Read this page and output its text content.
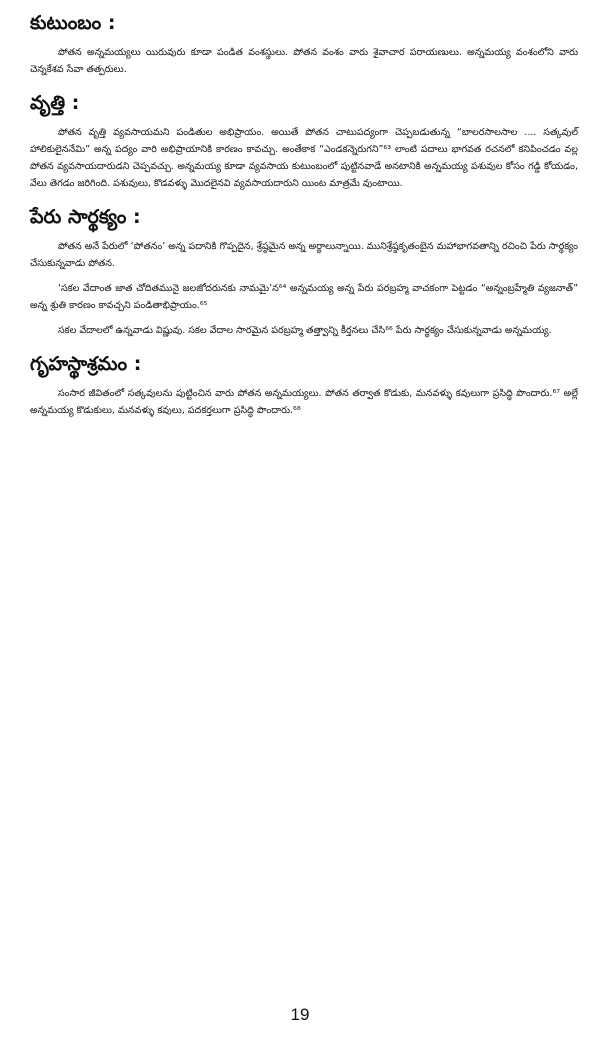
కుటుంబం :

పోతన అన్నమయ్యలు యిరువురు కూడా పండిత వంశస్థులు. పోతన వంశం వారు శైవాచార పరాయణులు. అన్నమయ్య వంశంలోని వారు చెన్నకేశవ సేవా తత్పరులు.

వృత్తి :

పోతన వృత్తి వ్యవసాయమని పండితుల అభిప్రాయం. అయితే పోతన చాటుపద్యంగా చెప్పబడుతున్న “బాలరసాలసాల .... సత్కవుల్ హాలికులైననేమి” అన్న పద్యం వారి అభిప్రాయానికి కారణం కావచ్చు. అంతేకాక “ఎండకన్నెరుగని”⁶³ లాంటి పదాలు భాగవత రచనలో కనిపించడం వల్ల పోతన వ్యవసాయదారుడని చెప్పవచ్చు. అన్నమయ్య కూడా వ్యవసాయ కుటుంబంలో పుట్టినవాడే అనటానికి అన్నమయ్య పశువుల కోసం గడ్డి కోయడం, వేలు తెగడం జరిగింది. పశువులు, కొడవళ్ళు మొదలైనవి వ్యవసాయదారుని యింట మాత్రమే వుంటాయి.

పేరు సార్థక్యం :

పోతన అనే పేరులో ‘పోతనం’ అన్న పదానికి గొప్పదైన, శ్రేష్ఠమైన అన్న అర్థాలున్నాయి. మునిశ్రేష్ఠకృతంబైన మహాభాగవతాన్ని రచించి పేరు సార్థక్యం చేసుకున్నవాడు పోతన.

‘సకల వేదాంత జాత చోదితమునై జలజోదరునకు నామమై’న⁶⁴ అన్నమయ్య అన్న పేరు పరబ్రహ్మ వాచకంగా పెట్టడం “అన్నంబ్రహ్మేతి వ్యజనాత్” అన్న శ్రుతి కారణం కావచ్చని పండితాభిప్రాయం.⁶⁵

సకల వేదాలలో ఉన్నవాడు విష్ణువు. సకల వేదాల సారమైన పరబ్రహ్మ తత్త్వాన్ని కీర్తనలు చేసి⁶⁶ పేరు సార్థక్యం చేసుకున్నవాడు అన్నమయ్య.

గృహస్థాశ్రమం :

సంసార జీవితంలో సత్కవులను పుట్టించిన వారు పోతన అన్నమయ్యలు. పోతన తర్వాత కొడుకు, మనవళ్ళు కవులుగా ప్రసిద్ధి పొందారు.⁶⁷ అల్లే అన్నమయ్య కొడుకులు, మనవళ్ళు కవులు, పదకర్తలుగా ప్రసిద్ధి పొందారు.⁶⁸

19
